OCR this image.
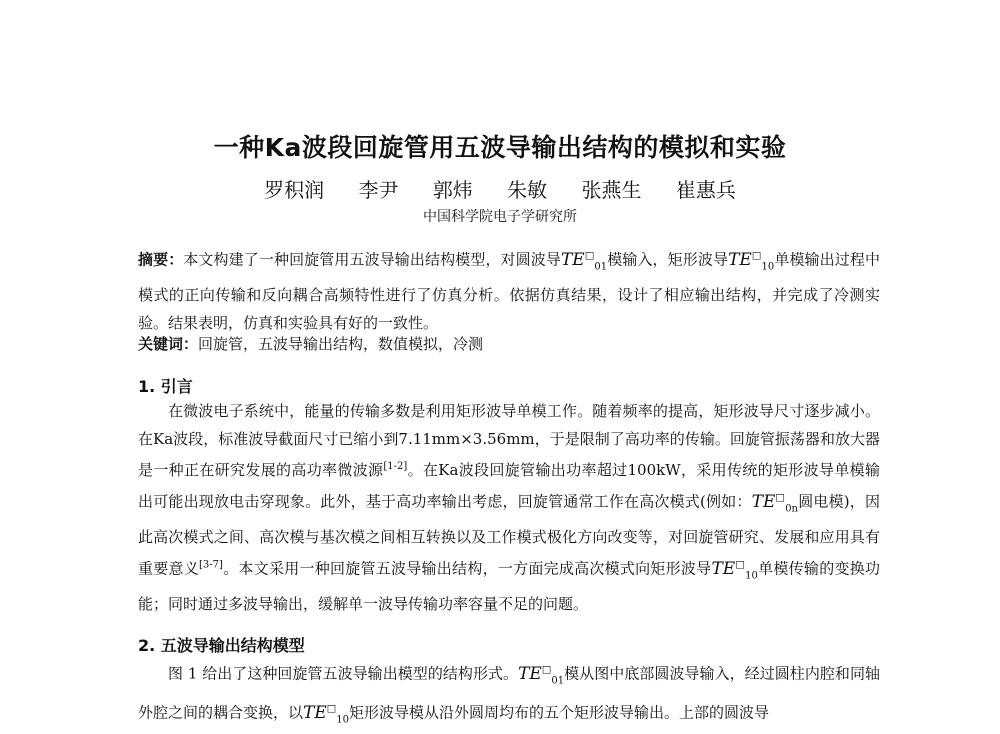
一种Ka波段回旋管用五波导输出结构的模拟和实验
罗积润 李尹 郭炜 朱敏 张燕生 崔惠兵
中国科学院电子学研究所
摘要：本文构建了一种回旋管用五波导输出结构模型，对圆波导$TE^□_{01}$模输入，矩形波导$TE^□_{10}$单模输出过程中模式的正向传输和反向耦合高频特性进行了仿真分析。依据仿真结果，设计了相应输出结构，并完成了冷测实验。结果表明，仿真和实验具有好的一致性。
关键词：回旋管，五波导输出结构，数值模拟，冷测
1. 引言
在微波电子系统中，能量的传输多数是利用矩形波导单模工作。随着频率的提高，矩形波导尺寸逐步减小。在Ka波段，标准波导截面尺寸已缩小到7.11mm×3.56mm，于是限制了高功率的传输。回旋管振荡器和放大器是一种正在研究发展的高功率微波源[1-2]。在Ka波段回旋管输出功率超过100kW，采用传统的矩形波导单模输出可能出现放电击穿现象。此外，基于高功率输出考虑，回旋管通常工作在高次模式(例如：$TE^□_{0n}$圆电模)，因此高次模式之间、高次模与基次模之间相互转换以及工作模式极化方向改变等，对回旋管研究、发展和应用具有重要意义[3-7]。本文采用一种回旋管五波导输出结构，一方面完成高次模式向矩形波导$TE^□_{10}$单模传输的变换功能；同时通过多波导输出，缓解单一波导传输功率容量不足的问题。
2. 五波导输出结构模型
图 1 给出了这种回旋管五波导输出模型的结构形式。$TE^□_{01}$模从图中底部圆波导输入，经过圆柱内腔和同轴外腔之间的耦合变换，以$TE^□_{10}$矩形波导模从沿外圆周均布的五个矩形波导输出。上部的圆波导
